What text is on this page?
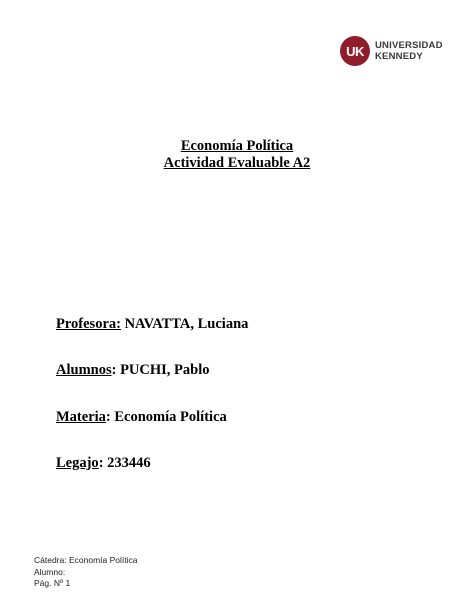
UK UNIVERSIDAD
KENNEDY
Economía Política
Actividad Evaluable A2
Profesora: NAVATTA, Luciana
Alumnos: PUCHI, Pablo
Materia: Economía Política
Legajo: 233446
Cátedra: Economía Política
Alumno:
Pág. Nº 1
